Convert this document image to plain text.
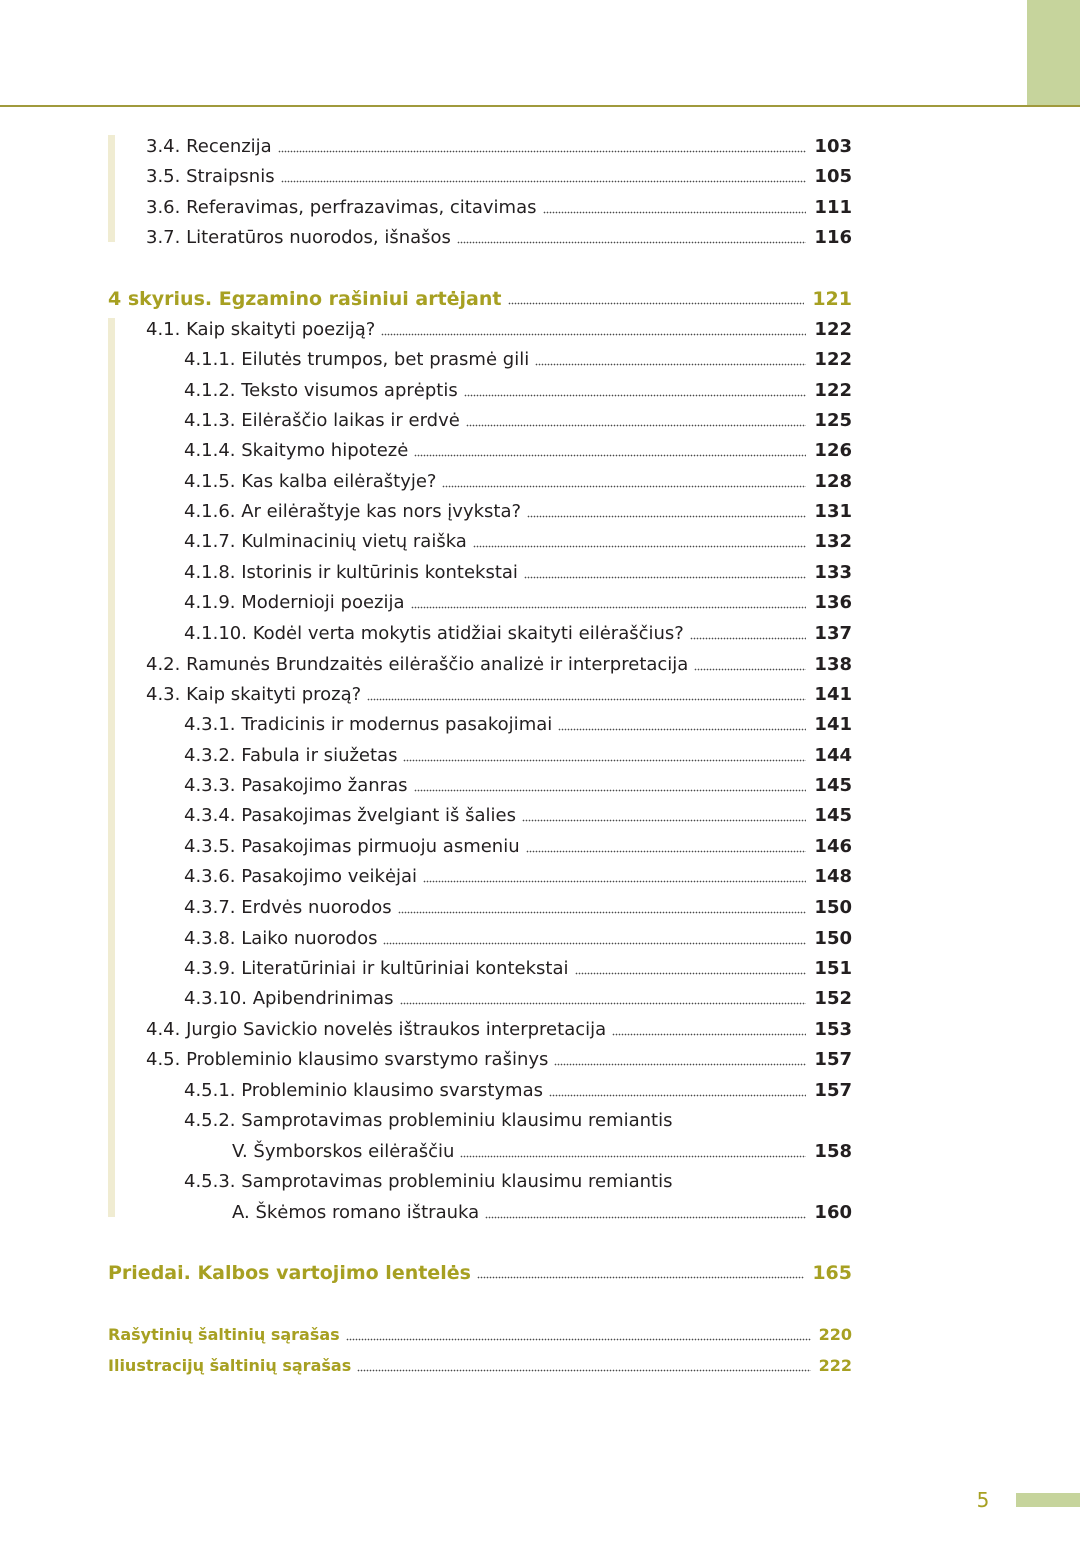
3.4. Recenzija	103
3.5. Straipsnis	105
3.6. Referavimas, perfrazavimas, citavimas	111
3.7. Literatūros nuorodos, išnašos	116
4 skyrius. Egzamino rašiniui artėjant	121
4.1. Kaip skaityti poeziją?	122
4.1.1. Eilutės trumpos, bet prasmė gili	122
4.1.2. Teksto visumos aprėptis	122
4.1.3. Eilėraščio laikas ir erdvė	125
4.1.4. Skaitymo hipotezė	126
4.1.5. Kas kalba eilėraštyje?	128
4.1.6. Ar eilėraštyje kas nors įvyksta?	131
4.1.7. Kulminacinių vietų raiška	132
4.1.8. Istorinis ir kultūrinis kontekstai	133
4.1.9. Modernioji poezija	136
4.1.10. Kodėl verta mokytis atidžiai skaityti eilėraščius?	137
4.2. Ramunės Brundzaitės eilėraščio analizė ir interpretacija	138
4.3. Kaip skaityti prozą?	141
4.3.1. Tradicinis ir modernus pasakojimai	141
4.3.2. Fabula ir siužetas	144
4.3.3. Pasakojimo žanras	145
4.3.4. Pasakojimas žvelgiant iš šalies	145
4.3.5. Pasakojimas pirmuoju asmeniu	146
4.3.6. Pasakojimo veikėjai	148
4.3.7. Erdvės nuorodos	150
4.3.8. Laiko nuorodos	150
4.3.9. Literatūriniai ir kultūriniai kontekstai	151
4.3.10. Apibendrinimas	152
4.4. Jurgio Savickio novelės ištraukos interpretacija	153
4.5. Probleminio klausimo svarstymo rašinys	157
4.5.1. Probleminio klausimo svarstymas	157
4.5.2. Samprotavimas probleminiu klausimu remiantis
V. Šymborskos eilėraščiu	158
4.5.3. Samprotavimas probleminiu klausimu remiantis
A. Škėmos romano ištrauka	160
Priedai. Kalbos vartojimo lentelės	165
Rašytinių šaltinių sąrašas	220
Iliustracijų šaltinių sąrašas	222
5
